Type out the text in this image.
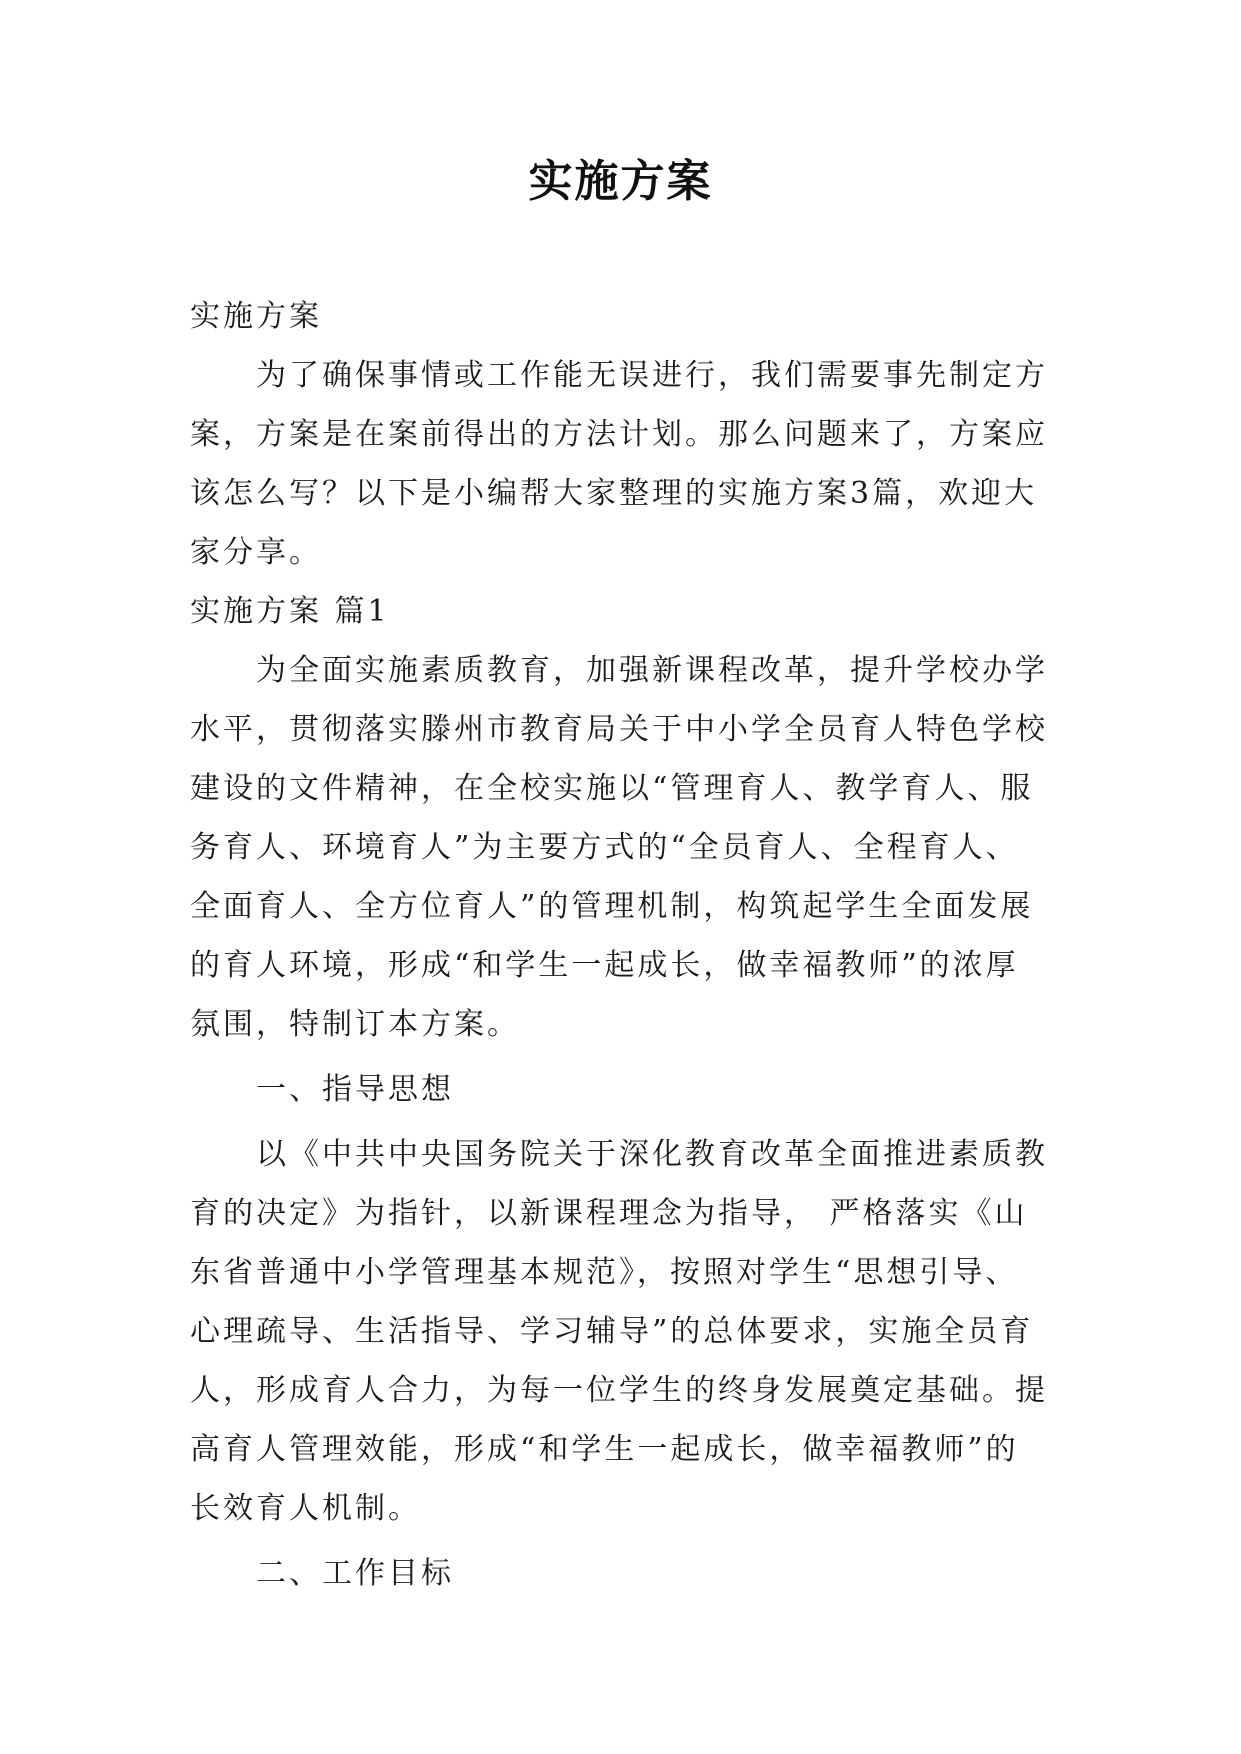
实施方案

实施方案

为了确保事情或工作能无误进行，我们需要事先制定方案，方案是在案前得出的方法计划。那么问题来了，方案应该怎么写？以下是小编帮大家整理的实施方案3篇，欢迎大家分享。

实施方案 篇1

为全面实施素质教育，加强新课程改革，提升学校办学水平，贯彻落实滕州市教育局关于中小学全员育人特色学校建设的文件精神，在全校实施以“管理育人、教学育人、服务育人、环境育人”为主要方式的“全员育人、全程育人、全面育人、全方位育人”的管理机制，构筑起学生全面发展的育人环境，形成“和学生一起成长，做幸福教师”的浓厚氛围，特制订本方案。

一、指导思想

以《中共中央国务院关于深化教育改革全面推进素质教育的决定》为指针，以新课程理念为指导， 严格落实《山东省普通中小学管理基本规范》，按照对学生“思想引导、心理疏导、生活指导、学习辅导”的总体要求，实施全员育人，形成育人合力，为每一位学生的终身发展奠定基础。提高育人管理效能，形成“和学生一起成长，做幸福教师”的长效育人机制。

二、工作目标
